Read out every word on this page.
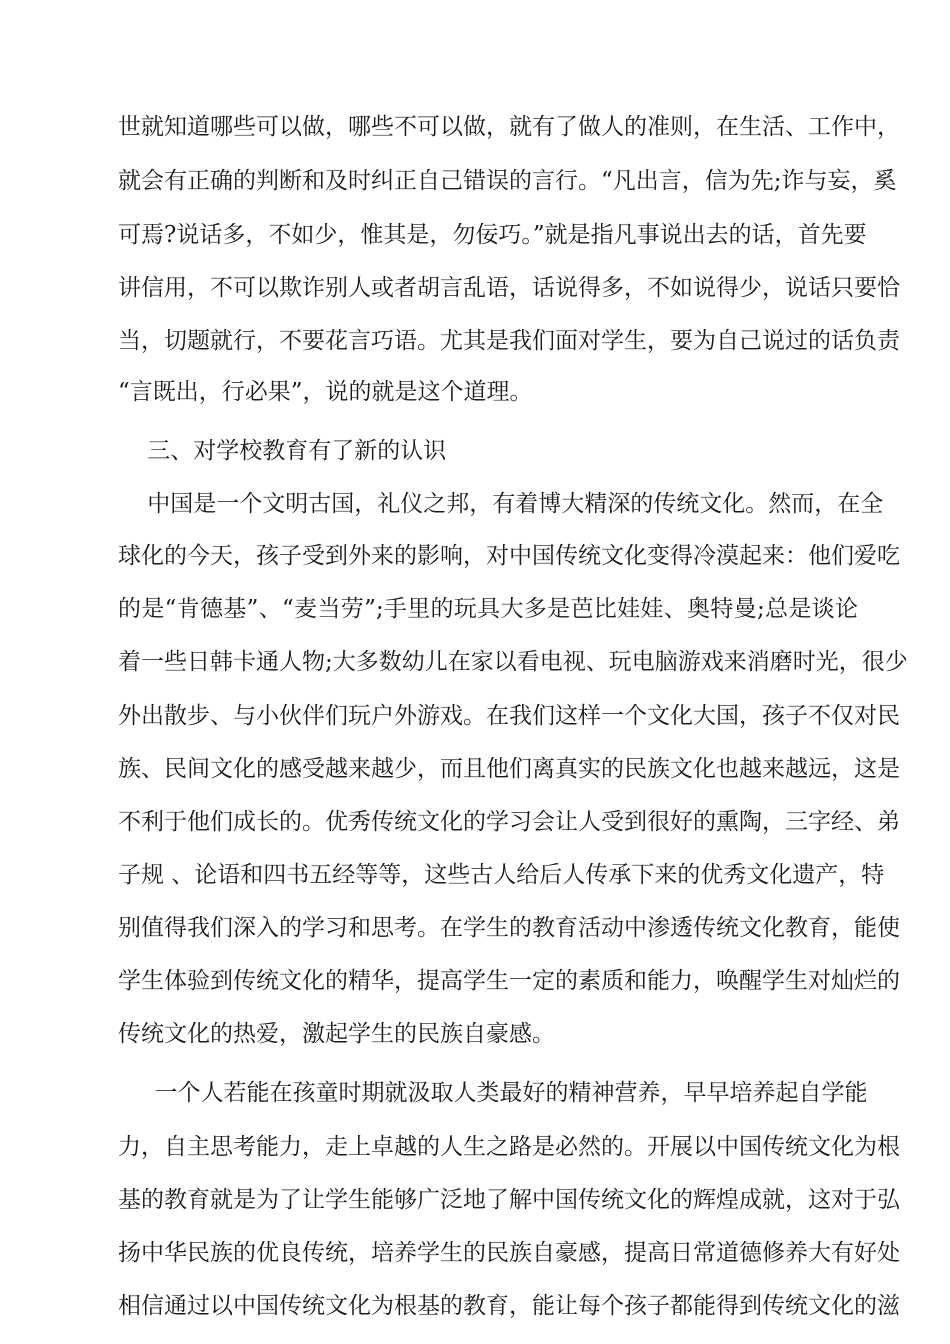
世就知道哪些可以做，哪些不可以做，就有了做人的准则，在生活、工作中，
就会有正确的判断和及时纠正自己错误的言行。“凡出言，信为先;诈与妄，奚
可焉?说话多，不如少，惟其是，勿佞巧。”就是指凡事说出去的话，首先要
讲信用，不可以欺诈别人或者胡言乱语，话说得多，不如说得少，说话只要恰
当，切题就行，不要花言巧语。尤其是我们面对学生，要为自己说过的话负责
“言既出，行必果”，说的就是这个道理。
三、对学校教育有了新的认识
中国是一个文明古国，礼仪之邦，有着博大精深的传统文化。然而，在全
球化的今天，孩子受到外来的影响，对中国传统文化变得冷漠起来：他们爱吃
的是“肯德基”、“麦当劳”;手里的玩具大多是芭比娃娃、奥特曼;总是谈论
着一些日韩卡通人物;大多数幼儿在家以看电视、玩电脑游戏来消磨时光，很少
外出散步、与小伙伴们玩户外游戏。在我们这样一个文化大国，孩子不仅对民
族、民间文化的感受越来越少，而且他们离真实的民族文化也越来越远，这是
不利于他们成长的。优秀传统文化的学习会让人受到很好的熏陶，三字经、弟
子规 、论语和四书五经等等，这些古人给后人传承下来的优秀文化遗产，特
别值得我们深入的学习和思考。在学生的教育活动中渗透传统文化教育，能使
学生体验到传统文化的精华，提高学生一定的素质和能力，唤醒学生对灿烂的
传统文化的热爱，激起学生的民族自豪感。
一个人若能在孩童时期就汲取人类最好的精神营养，早早培养起自学能
力，自主思考能力，走上卓越的人生之路是必然的。开展以中国传统文化为根
基的教育就是为了让学生能够广泛地了解中国传统文化的辉煌成就，这对于弘
扬中华民族的优良传统，培养学生的民族自豪感，提高日常道德修养大有好处
相信通过以中国传统文化为根基的教育，能让每个孩子都能得到传统文化的滋
